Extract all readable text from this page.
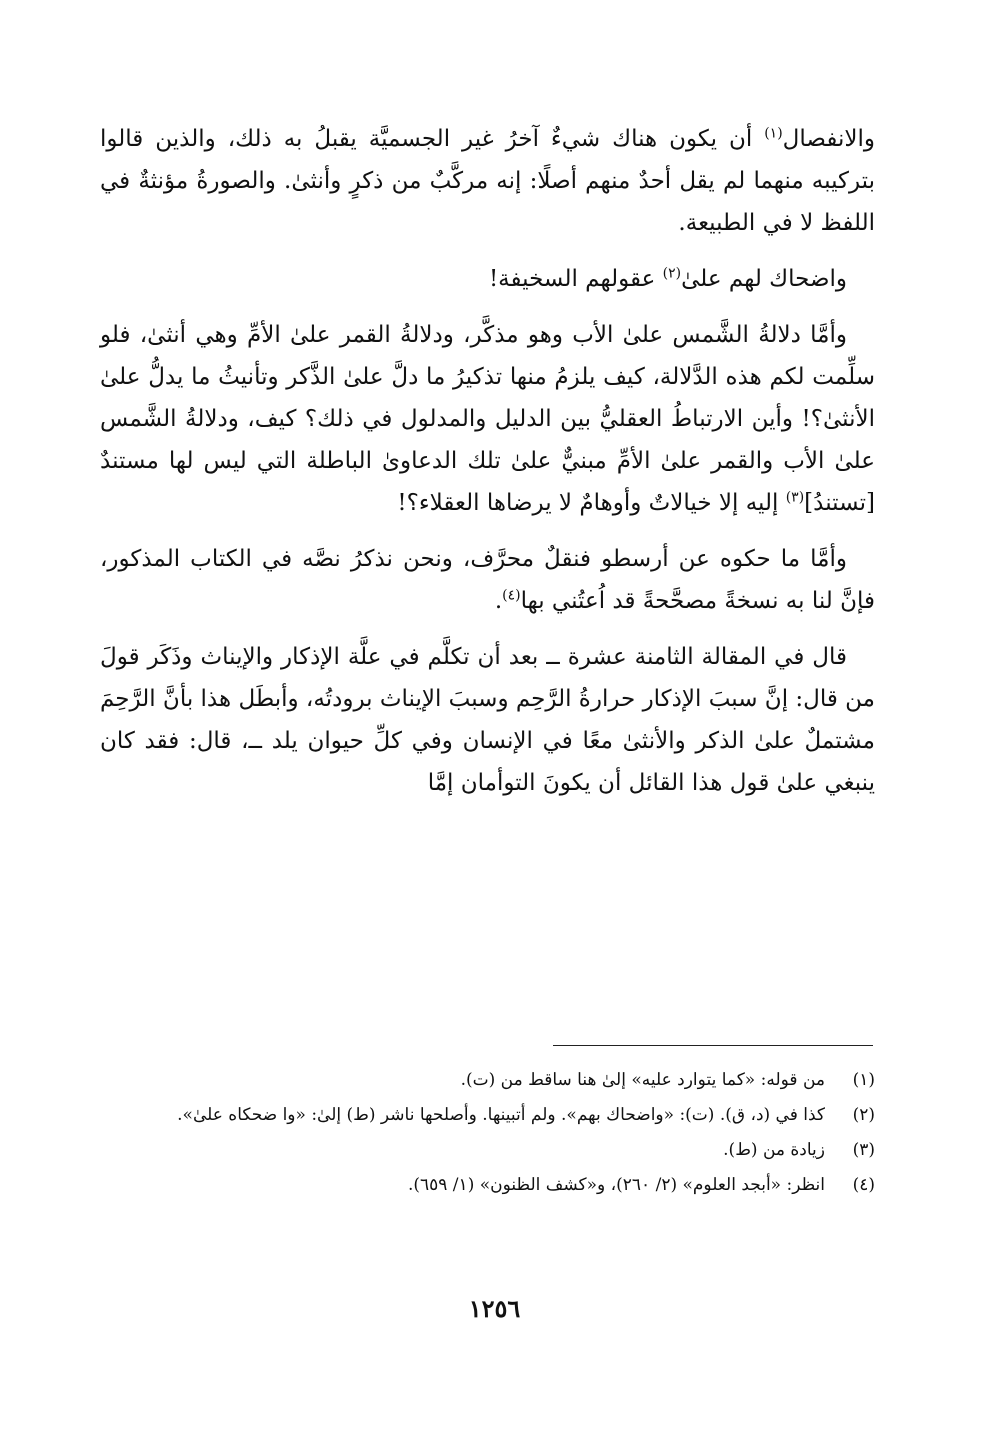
والانفصال$^{(١)}$ أن يكون هناك شيءٌ آخرُ غير الجسميَّة يقبلُ به ذلك، والذين قالوا بتركيبه منهما لم يقل أحدٌ منهم أصلًا: إنه مركَّبٌ من ذكرٍ وأنثىٰ. والصورةُ مؤنثةٌ في اللفظ لا في الطبيعة.

واضحاك لهم علىٰ$^{(٢)}$ عقولهم السخيفة!

وأمَّا دلالةُ الشَّمس علىٰ الأب وهو مذكَّر، ودلالةُ القمر علىٰ الأمِّ وهي أنثىٰ، فلو سلِّمت لكم هذه الدَّلالة، كيف يلزمُ منها تذكيرُ ما دلَّ علىٰ الذَّكر وتأنيثُ ما يدلُّ علىٰ الأنثىٰ؟! وأين الارتباطُ العقليُّ بين الدليل والمدلول في ذلك؟ كيف، ودلالةُ الشَّمس علىٰ الأب والقمر علىٰ الأمِّ مبنيٌّ علىٰ تلك الدعاوىٰ الباطلة التي ليس لها مستندٌ [تستندُ]$^{(٣)}$ إليه إلا خيالاتٌ وأوهامٌ لا يرضاها العقلاء؟!

وأمَّا ما حكوه عن أرسطو فنقلٌ محرَّف، ونحن نذكرُ نصَّه في الكتاب المذكور، فإنَّ لنا به نسخةً مصحَّحةً قد اُعتُني بها$^{(٤)}$.

قال في المقالة الثامنة عشرة ــ بعد أن تكلَّم في علَّة الإذكار والإيناث وذَكَر قولَ من قال: إنَّ سببَ الإذكار حرارةُ الرَّحِم وسببَ الإيناث برودتُه، وأبطَل هذا بأنَّ الرَّحِمَ مشتملٌ علىٰ الذكر والأنثىٰ معًا في الإنسان وفي كلِّ حيوان يلد ــ، قال: فقد كان ينبغي علىٰ قول هذا القائل أن يكونَ التوأمان إمَّا

(١)
من قوله: «كما يتوارد عليه» إلىٰ هنا ساقط من (ت).
(٢)
كذا في (د، ق). (ت): «واضحاك بهم». ولم أتبينها. وأصلحها ناشر (ط) إلىٰ: «وا ضحكاه علىٰ».
(٣)
زيادة من (ط).
(٤)
انظر: «أبجد العلوم» (٢/ ٢٦٠)، و«كشف الظنون» (١/ ٦٥٩).
١٢٥٦
